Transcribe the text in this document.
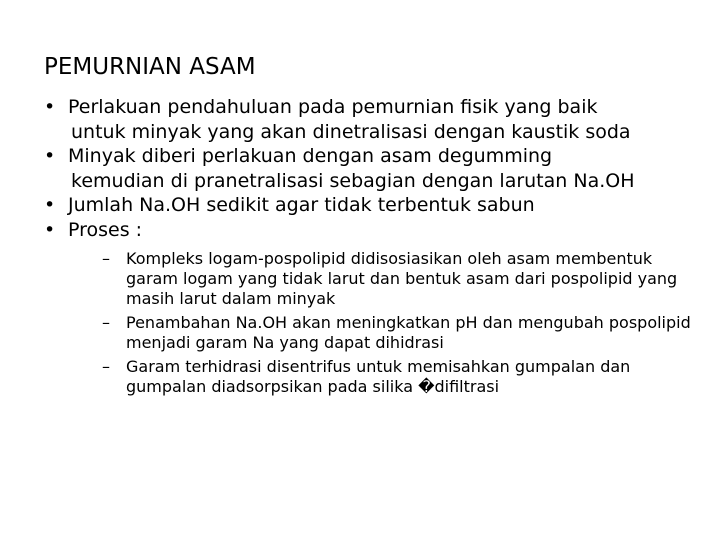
PEMURNIAN ASAM
• Perlakuan pendahuluan pada pemurnian fisik yang baik
untuk minyak yang akan dinetralisasi dengan kaustik soda
• Minyak diberi perlakuan dengan asam degumming
kemudian di pranetralisasi sebagian dengan larutan Na.OH
• Jumlah Na.OH sedikit agar tidak terbentuk sabun
• Proses :
–	Kompleks logam-pospolipid didisosiasikan oleh asam membentuk garam logam yang tidak larut dan bentuk asam dari pospolipid yang masih larut dalam minyak
–	Penambahan Na.OH akan meningkatkan pH dan mengubah pospolipid menjadi garam Na yang dapat dihidrasi
–	Garam terhidrasi disentrifus untuk memisahkan gumpalan dan gumpalan diadsorpsikan pada silika �difiltrasi
